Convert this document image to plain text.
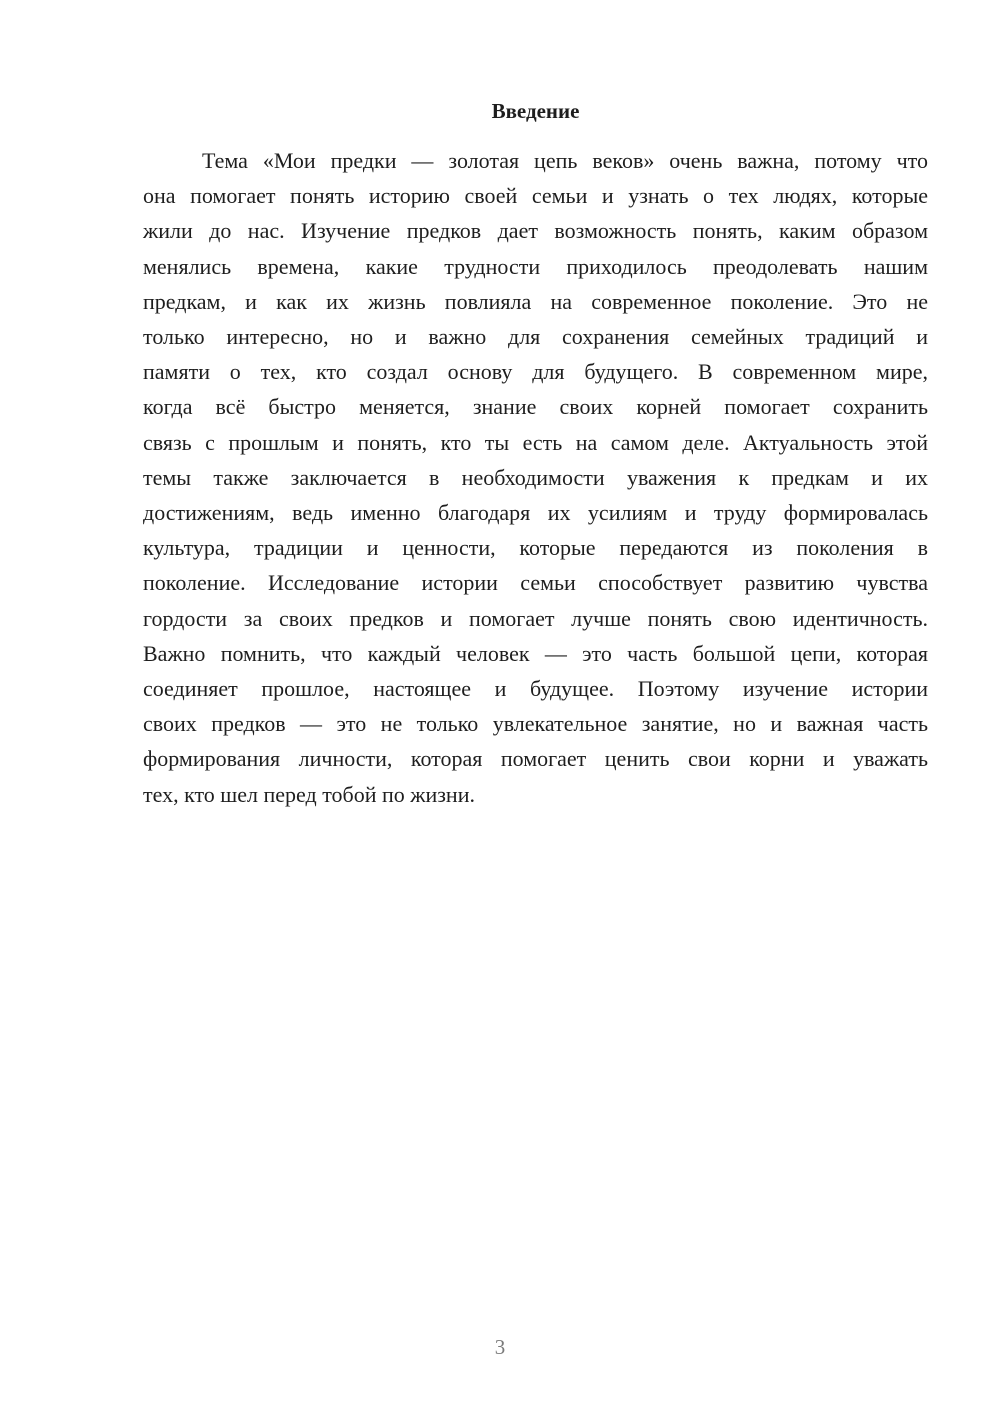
Введение

Тема «Мои предки — золотая цепь веков» очень важна, потому что
она помогает понять историю своей семьи и узнать о тех людях, которые
жили до нас. Изучение предков дает возможность понять, каким образом
менялись времена, какие трудности приходилось преодолевать нашим
предкам, и как их жизнь повлияла на современное поколение. Это не
только интересно, но и важно для сохранения семейных традиций и
памяти о тех, кто создал основу для будущего. В современном мире,
когда всё быстро меняется, знание своих корней помогает сохранить
связь с прошлым и понять, кто ты есть на самом деле. Актуальность этой
темы также заключается в необходимости уважения к предкам и их
достижениям, ведь именно благодаря их усилиям и труду формировалась
культура, традиции и ценности, которые передаются из поколения в
поколение. Исследование истории семьи способствует развитию чувства
гордости за своих предков и помогает лучше понять свою идентичность.
Важно помнить, что каждый человек — это часть большой цепи, которая
соединяет прошлое, настоящее и будущее. Поэтому изучение истории
своих предков — это не только увлекательное занятие, но и важная часть
формирования личности, которая помогает ценить свои корни и уважать
тех, кто шел перед тобой по жизни.

3
